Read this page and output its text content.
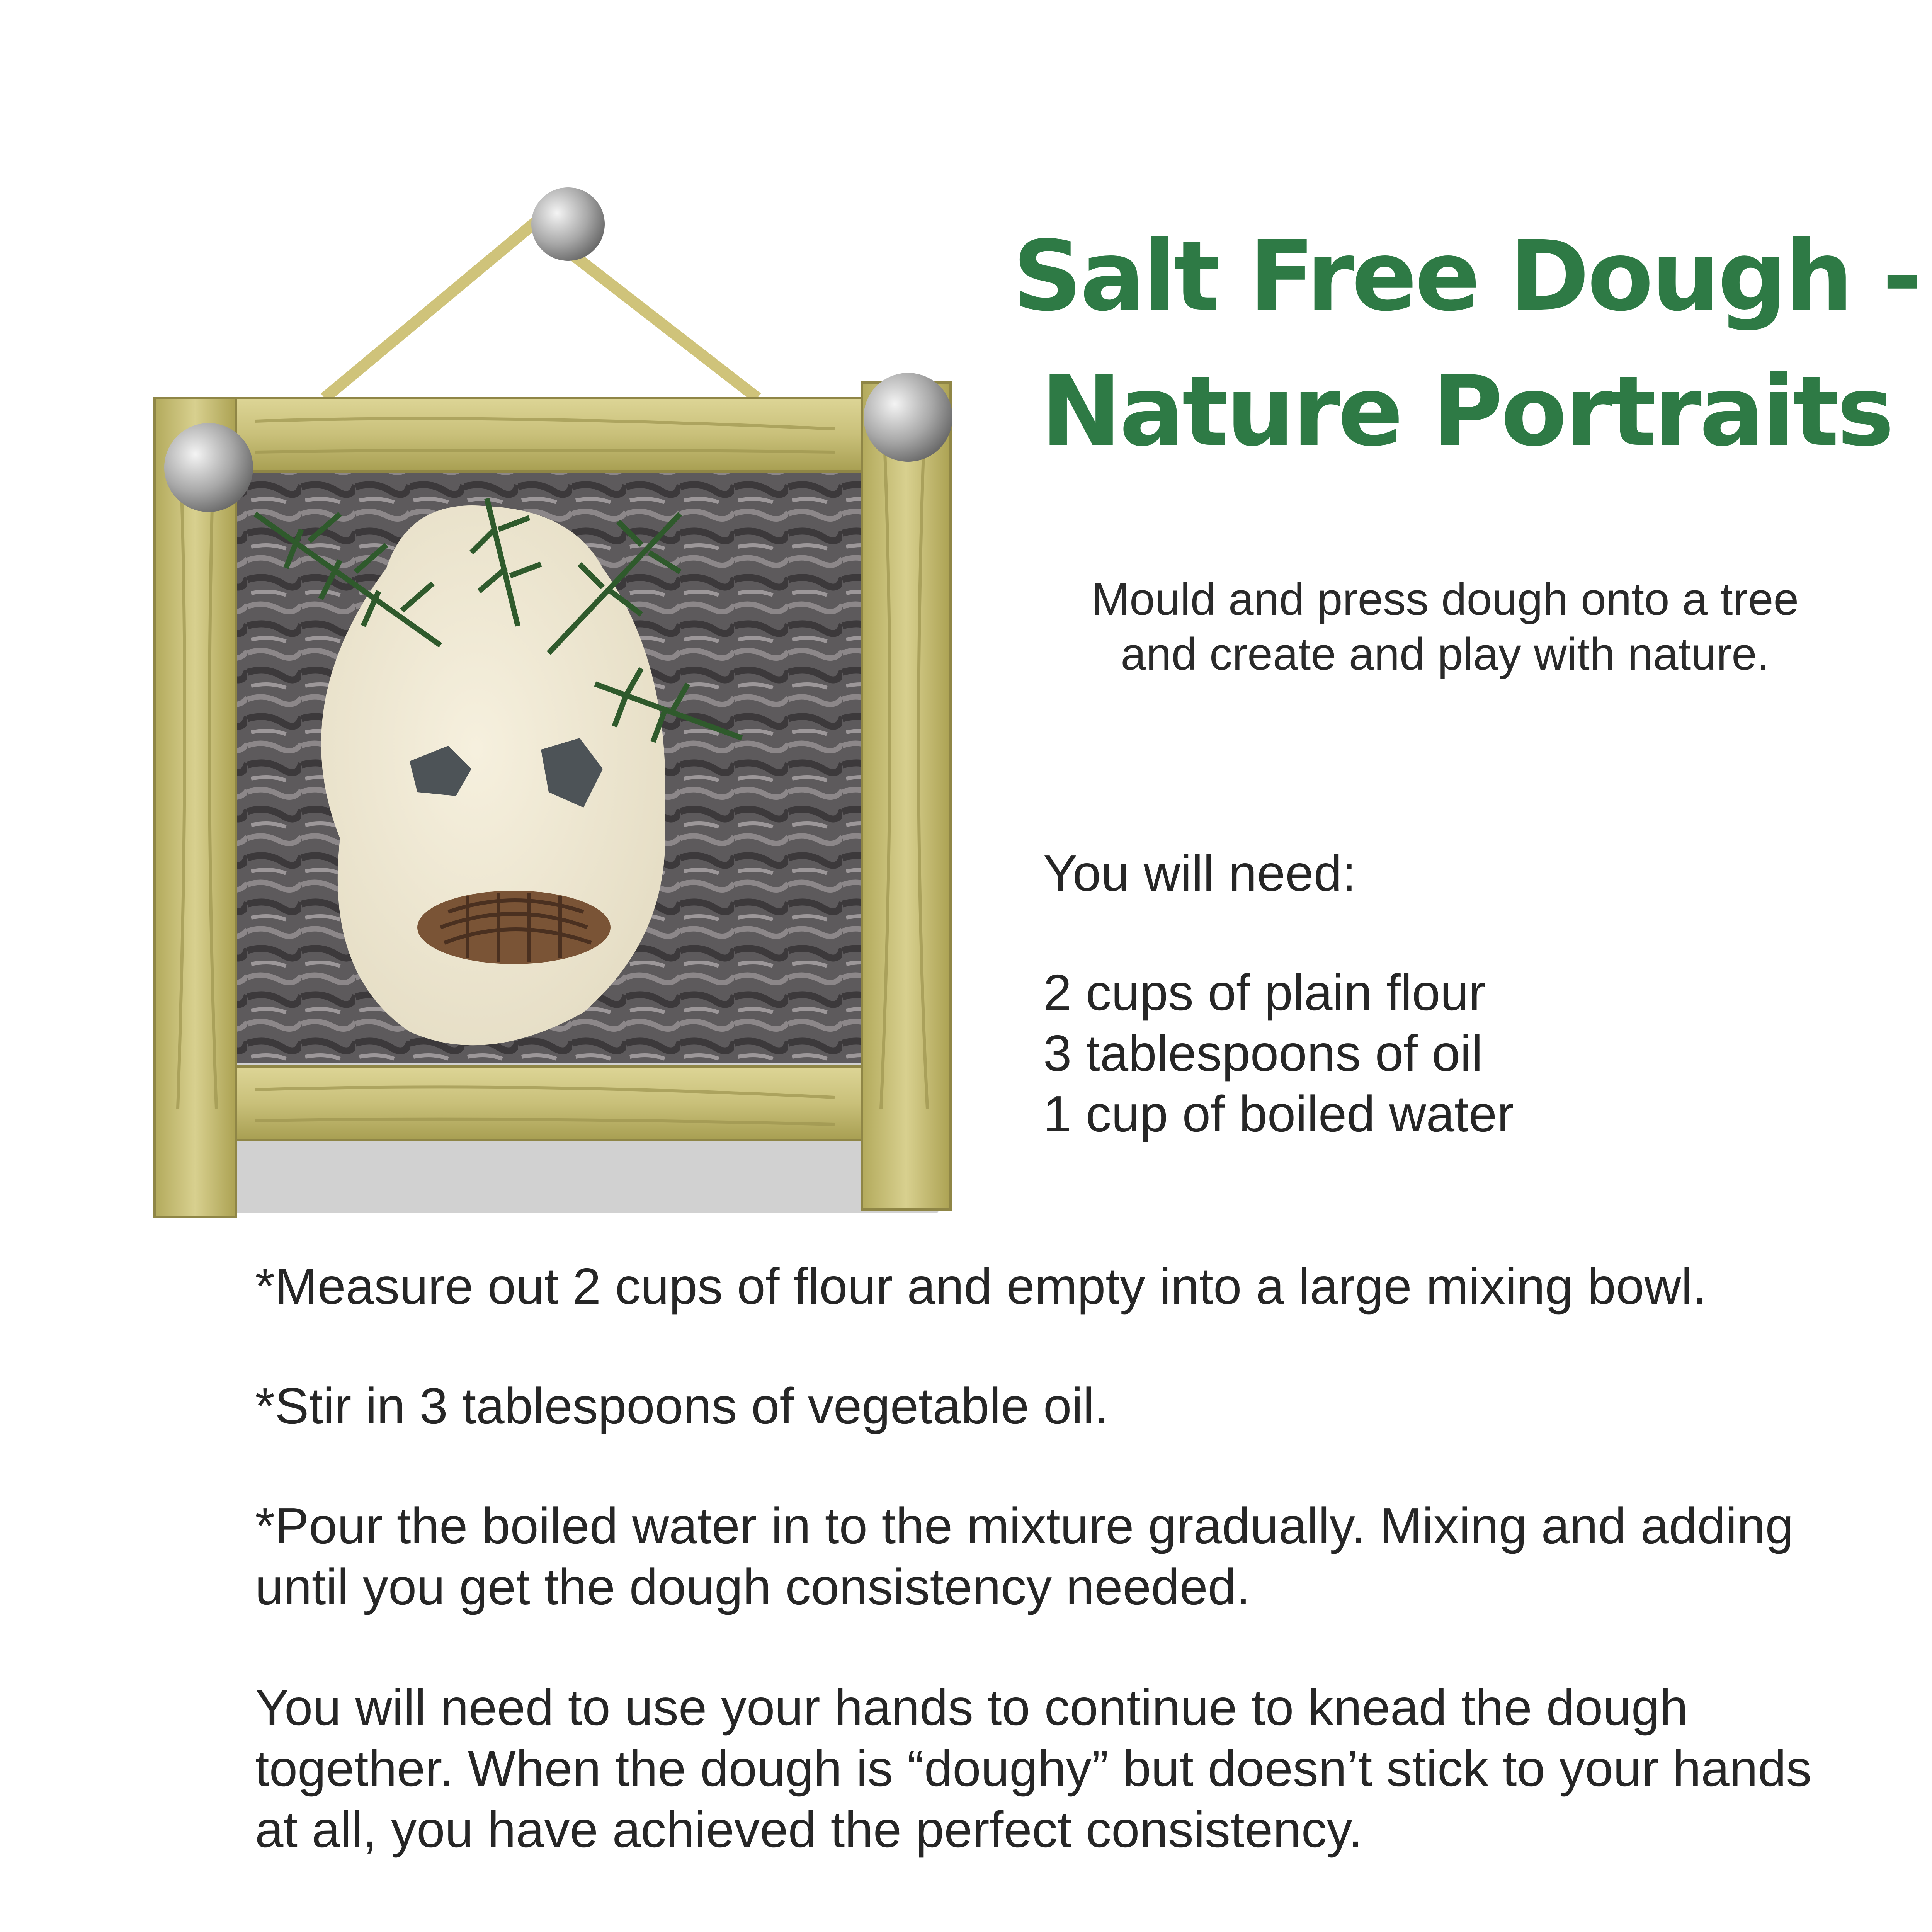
Salt Free Dough -
Nature Portraits
Mould and press dough onto a tree
and create and play with nature.
You will need:
2 cups of plain flour
3 tablespoons of oil
1 cup of boiled water

*Measure out 2 cups of flour and empty into a large mixing bowl.

*Stir in 3 tablespoons of vegetable oil.

*Pour the boiled water in to the mixture gradually. Mixing and adding
until you get the dough consistency needed.

You will need to use your hands to continue to knead the dough
together. When the dough is “doughy” but doesn’t stick to your hands
at all, you have achieved the perfect consistency.
